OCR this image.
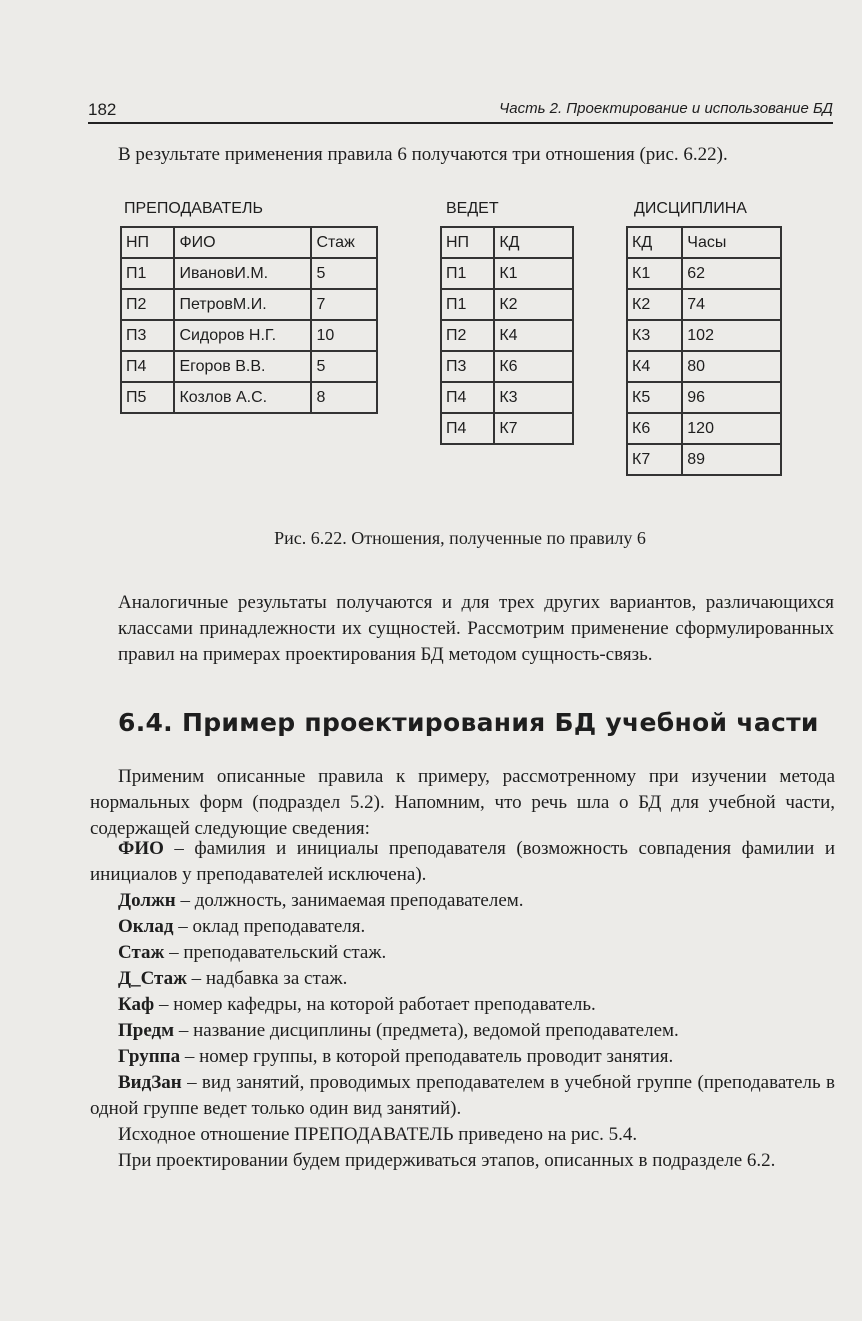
182	Часть 2. Проектирование и использование БД

В результате применения правила 6 получаются три отношения (рис. 6.22).

ПРЕПОДАВАТЕЛЬ
НП	ФИО	Стаж
П1	ИвановИ.М.	5
П2	ПетровМ.И.	7
П3	Сидоров Н.Г.	10
П4	Егоров В.В.	5
П5	Козлов А.С.	8
ВЕДЕТ
НП	КД
П1	К1
П1	К2
П2	К4
П3	К6
П4	К3
П4	К7
ДИСЦИПЛИНА
КД	Часы
К1	62
К2	74
К3	102
К4	80
К5	96
К6	120
К7	89
Рис. 6.22. Отношения, полученные по правилу 6

Аналогичные результаты получаются и для трех других вариантов, различающихся классами принадлежности их сущностей. Рассмотрим применение сформулированных правил на примерах проектирования БД методом сущность-связь.

6.4. Пример проектирования БД учебной части

Применим описанные правила к примеру, рассмотренному при изучении метода нормальных форм (подраздел 5.2). Напомним, что речь шла о БД для учебной части, содержащей следующие сведения:

ФИО – фамилия и инициалы преподавателя (возможность совпадения фамилии и инициалов у преподавателей исключена).

Должн – должность, занимаемая преподавателем.

Оклад – оклад преподавателя.

Стаж – преподавательский стаж.

Д_Стаж – надбавка за стаж.

Каф – номер кафедры, на которой работает преподаватель.

Предм – название дисциплины (предмета), ведомой преподавателем.

Группа – номер группы, в которой преподаватель проводит занятия.

ВидЗан – вид занятий, проводимых преподавателем в учебной группе (преподаватель в одной группе ведет только один вид занятий).

Исходное отношение ПРЕПОДАВАТЕЛЬ приведено на рис. 5.4.

При проектировании будем придерживаться этапов, описанных в подразделе 6.2.
